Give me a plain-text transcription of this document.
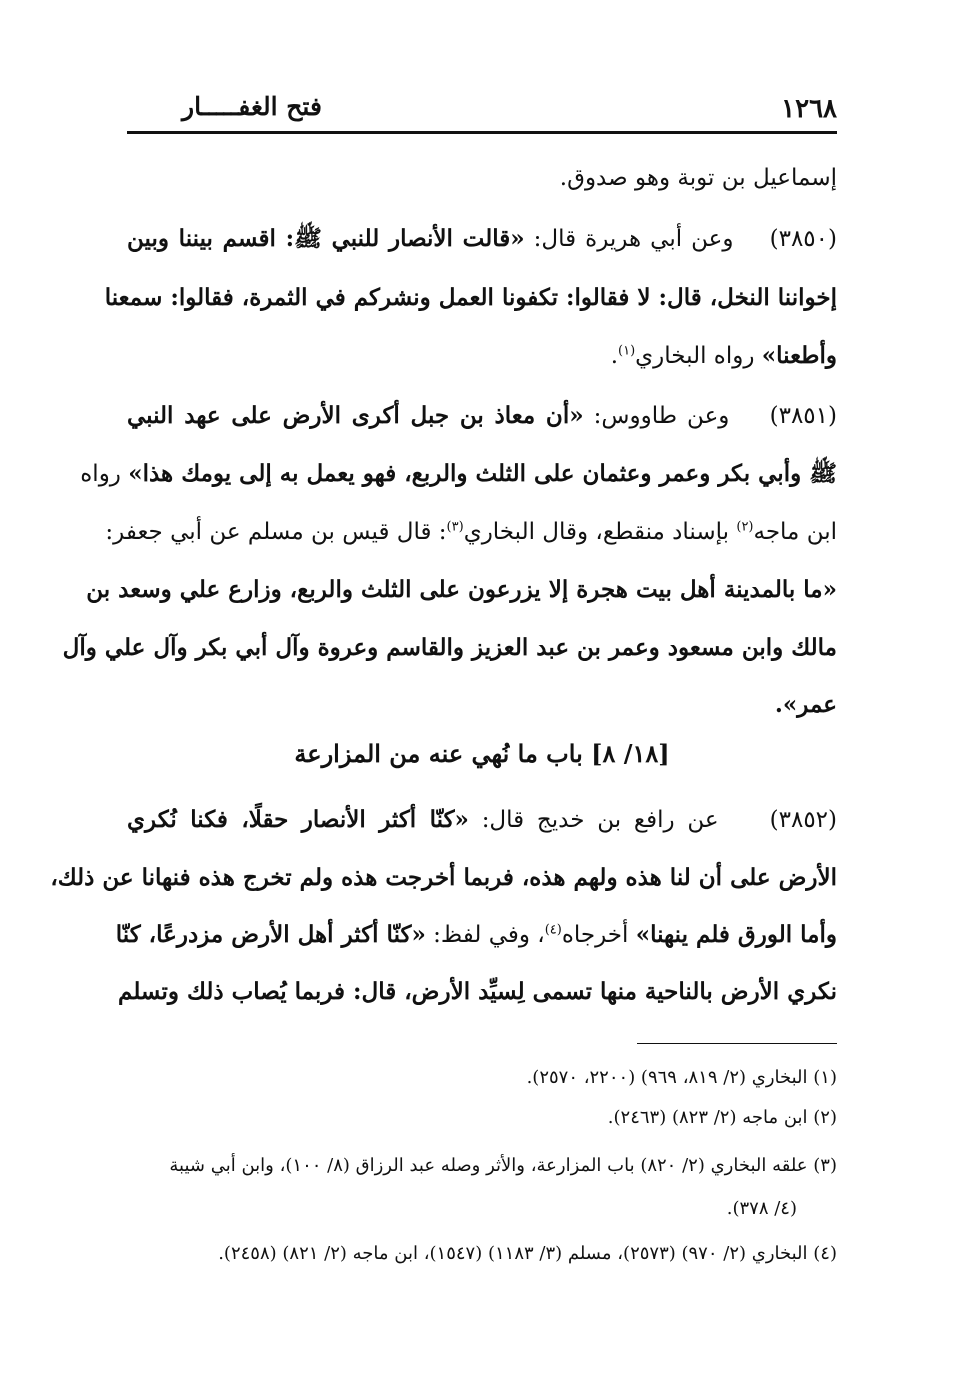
١٢٦٨
فتح الغفـــــار
إسماعيل بن توبة وهو صدوق.
(٣٨٥٠)    وعن أبي هريرة قال: «قالت الأنصار للنبي ﷺ: اقسم بيننا وبين
إخواننا النخل، قال: لا فقالوا: تكفونا العمل ونشركم في الثمرة، فقالوا: سمعنا
وأطعنا» رواه البخاري$^{(١)}$.
(٣٨٥١)    وعن طاووس: «أن معاذ بن جبل أكرى الأرض على عهد النبي
ﷺ وأبي بكر وعمر وعثمان على الثلث والربع، فهو يعمل به إلى يومك هذا» رواه
ابن ماجه$^{(٢)}$ بإسناد منقطع، وقال البخاري$^{(٣)}$: قال قيس بن مسلم عن أبي جعفر:
«ما بالمدينة أهل بيت هجرة إلا يزرعون على الثلث والربع، وزارع علي وسعد بن
مالك وابن مسعود وعمر بن عبد العزيز والقاسم وعروة وآل أبي بكر وآل علي وآل
عمر».
[١٨/ ٨] باب ما نُهي عنه من المزارعة
(٣٨٥٢)    عن رافع بن خديج قال: «كنّا أكثر الأنصار حقلًا، فكنا نُكري
الأرض على أن لنا هذه ولهم هذه، فربما أخرجت هذه ولم تخرج هذه فنهانا عن ذلك،
وأما الورق فلم ينهنا» أخرجاه$^{(٤)}$، وفي لفظ: «كنّا أكثر أهل الأرض مزدرعًا، كنّا
نكري الأرض بالناحية منها تسمى لِسيِّد الأرض، قال: فربما يُصاب ذلك وتسلم
(١) البخاري (٢/ ٨١٩، ٩٦٩) (٢٢٠٠، ٢٥٧٠).
(٢) ابن ماجه (٢/ ٨٢٣) (٢٤٦٣).
(٣) علقه البخاري (٢/ ٨٢٠) باب المزارعة، والأثر وصله عبد الرزاق (٨/ ١٠٠)، وابن أبي شيبة
(٤/ ٣٧٨).
(٤) البخاري (٢/ ٩٧٠) (٢٥٧٣)، مسلم (٣/ ١١٨٣) (١٥٤٧)، ابن ماجه (٢/ ٨٢١) (٢٤٥٨).
